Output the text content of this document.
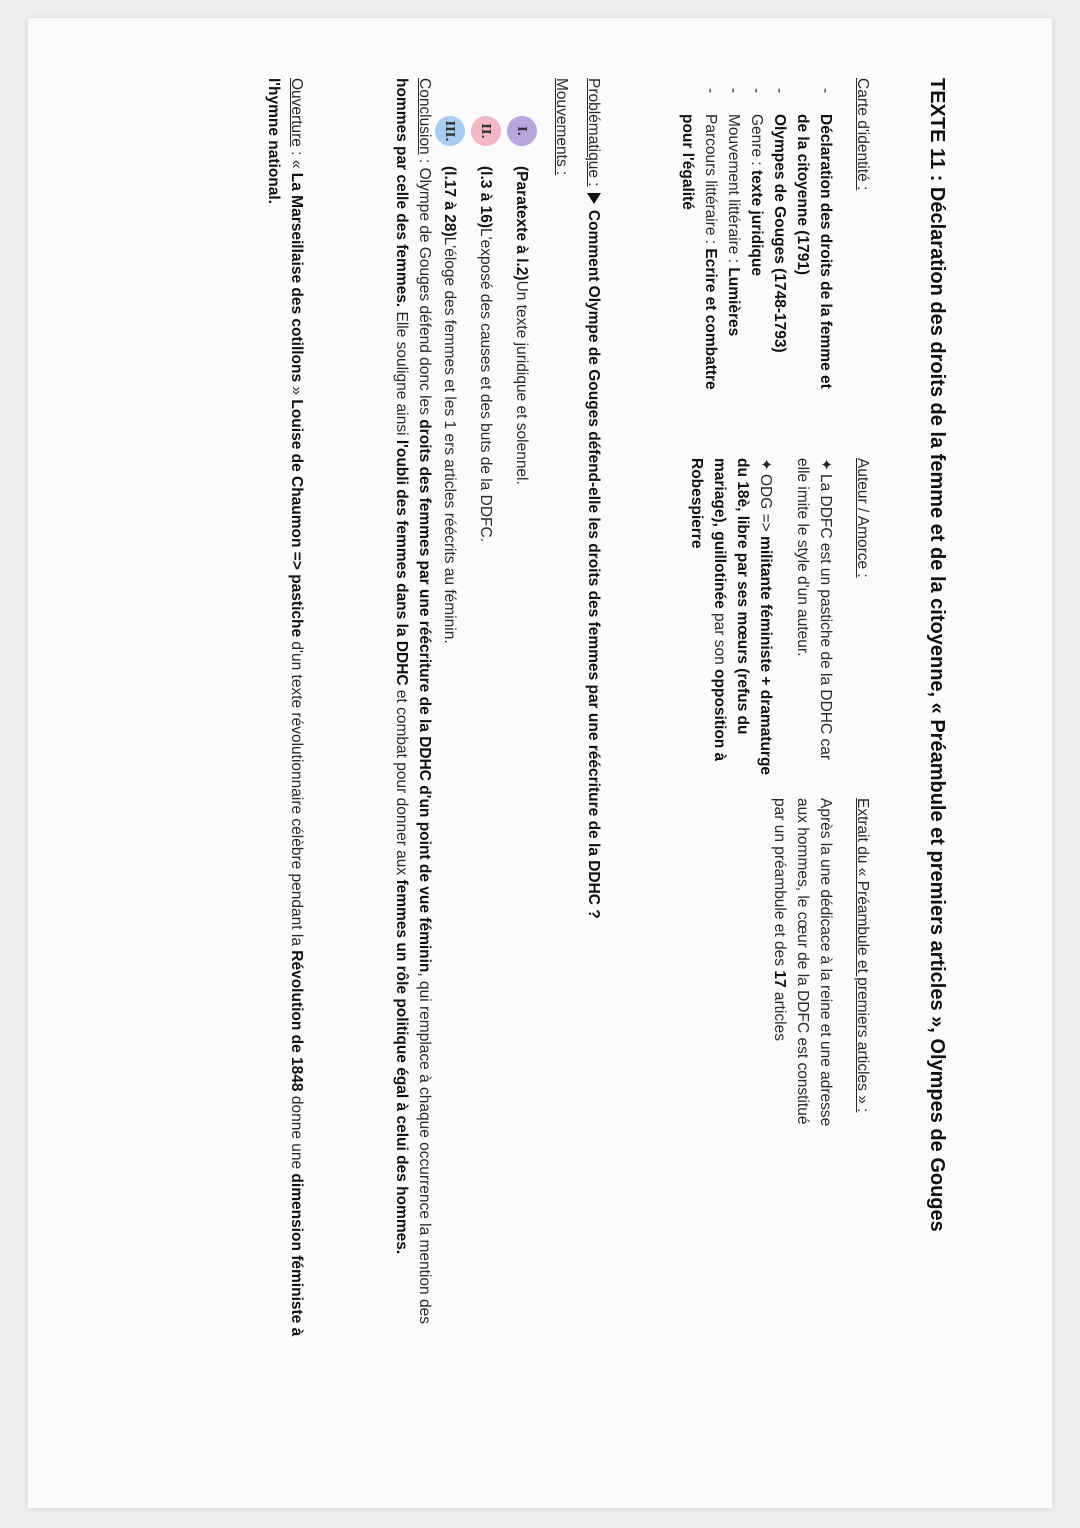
TEXTE 11 : Déclaration des droits de la femme et de la citoyenne, « Préambule et premiers articles », Olympes de Gouges
Carte d'identité :
- Déclaration des droits de la femme et de la citoyenne (1791)
- Olympes de Gouges (1748-1793)
- Genre : texte juridique
- Mouvement littéraire : Lumières
- Parcours littéraire : Ecrire et combattre pour l'égalité
Auteur / Amorce :

✦La DDFC est un pastiche de la DDHC car elle imite le style d'un auteur.

✦ODG => militante féministe + dramaturge du 18è, libre par ses mœurs (refus du mariage), guillotinée par son opposition à Robespierre

Extrait du « Préambule et premiers articles » :

Après la une dédicace à la reine et une adresse aux hommes, le cœur de la DDFC est constitué par un préambule et des 17 articles

Problématique : Comment Olympe de Gouges défend-elle les droits des femmes par une réécriture de la DDHC ?
Mouvements :
I.
(Paratexte à l.2)
Un texte juridique et solennel.
II.
(l.3 à 16)
L'exposé des causes et des buts de la DDFC.
III.
(l.17 à 28)
L'éloge des femmes et les 1 ers articles réécrits au féminin.

Conclusion : Olympe de Gouges défend donc les droits des femmes par une réécriture de la DDHC d'un point de vue féminin, qui remplace à chaque occurrence la mention des hommes par celle des femmes. Elle souligne ainsi l'oubli des femmes dans la DDHC et combat pour donner aux femmes un rôle politique égal à celui des hommes.

Ouverture : « La Marseillaise des cotillons » Louise de Chaumon => pastiche d'un texte révolutionnaire célèbre pendant la Révolution de 1848 donne une dimension féministe à l'hymne national.
